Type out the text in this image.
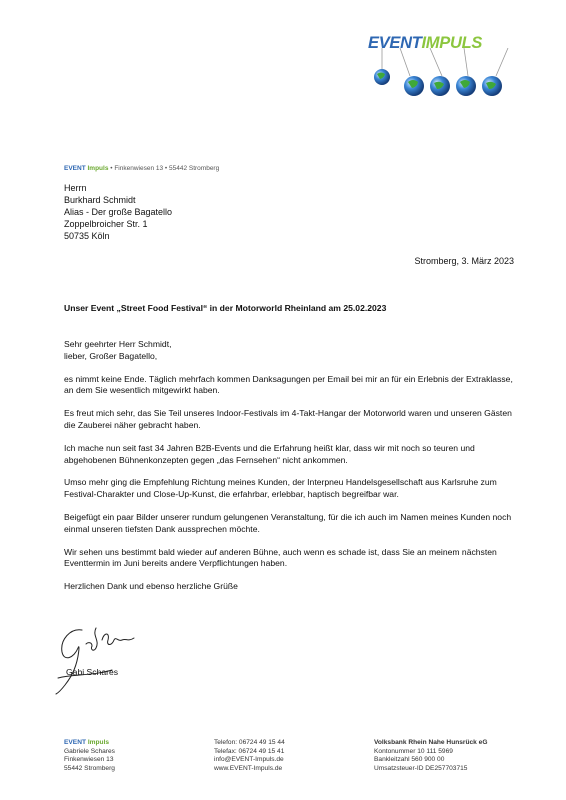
EVENTIMPULS
EVENT Impuls • Finkenwiesen 13 • 55442 Stromberg
Herrn
Burkhard Schmidt
Alias - Der große Bagatello
Zoppelbroicher Str. 1
50735 Köln
Stromberg, 3. März 2023
Unser Event „Street Food Festival“ in der Motorworld Rheinland am 25.02.2023
Sehr geehrter Herr Schmidt,
lieber, Großer Bagatello,

es nimmt keine Ende. Täglich mehrfach kommen Danksagungen per Email bei mir an für ein Erlebnis der Extraklasse, an dem Sie wesentlich mitgewirkt haben.

Es freut mich sehr, das Sie Teil unseres Indoor-Festivals im 4-Takt-Hangar der Motorworld waren und unseren Gästen die Zauberei näher gebracht haben.

Ich mache nun seit fast 34 Jahren B2B-Events und die Erfahrung heißt klar, dass wir mit noch so teuren und abgehobenen Bühnenkonzepten gegen „das Fernsehen“ nicht ankommen.

Umso mehr ging die Empfehlung Richtung meines Kunden, der Interpneu Handelsgesellschaft aus Karlsruhe zum Festival-Charakter und Close-Up-Kunst, die erfahrbar, erlebbar, haptisch begreifbar war.

Beigefügt ein paar Bilder unserer rundum gelungenen Veranstaltung, für die ich auch im Namen meines Kunden noch einmal unseren tiefsten Dank aussprechen möchte.

Wir sehen uns bestimmt bald wieder auf anderen Bühne, auch wenn es schade ist, dass Sie an meinem nächsten Eventtermin im Juni bereits andere Verpflichtungen haben.

Herzlichen Dank und ebenso herzliche Grüße

Gabi Schares
EVENT Impuls
Gabriele Schares
Finkenwiesen 13
55442 Stromberg
Telefon: 06724 49 15 44
Telefax: 06724 49 15 41
info@EVENT-Impuls.de
www.EVENT-Impuls.de
Volksbank Rhein Nahe Hunsrück eG
Kontonummer 10 111 5969
Bankleitzahl 560 900 00
Umsatzsteuer-ID DE257703715
